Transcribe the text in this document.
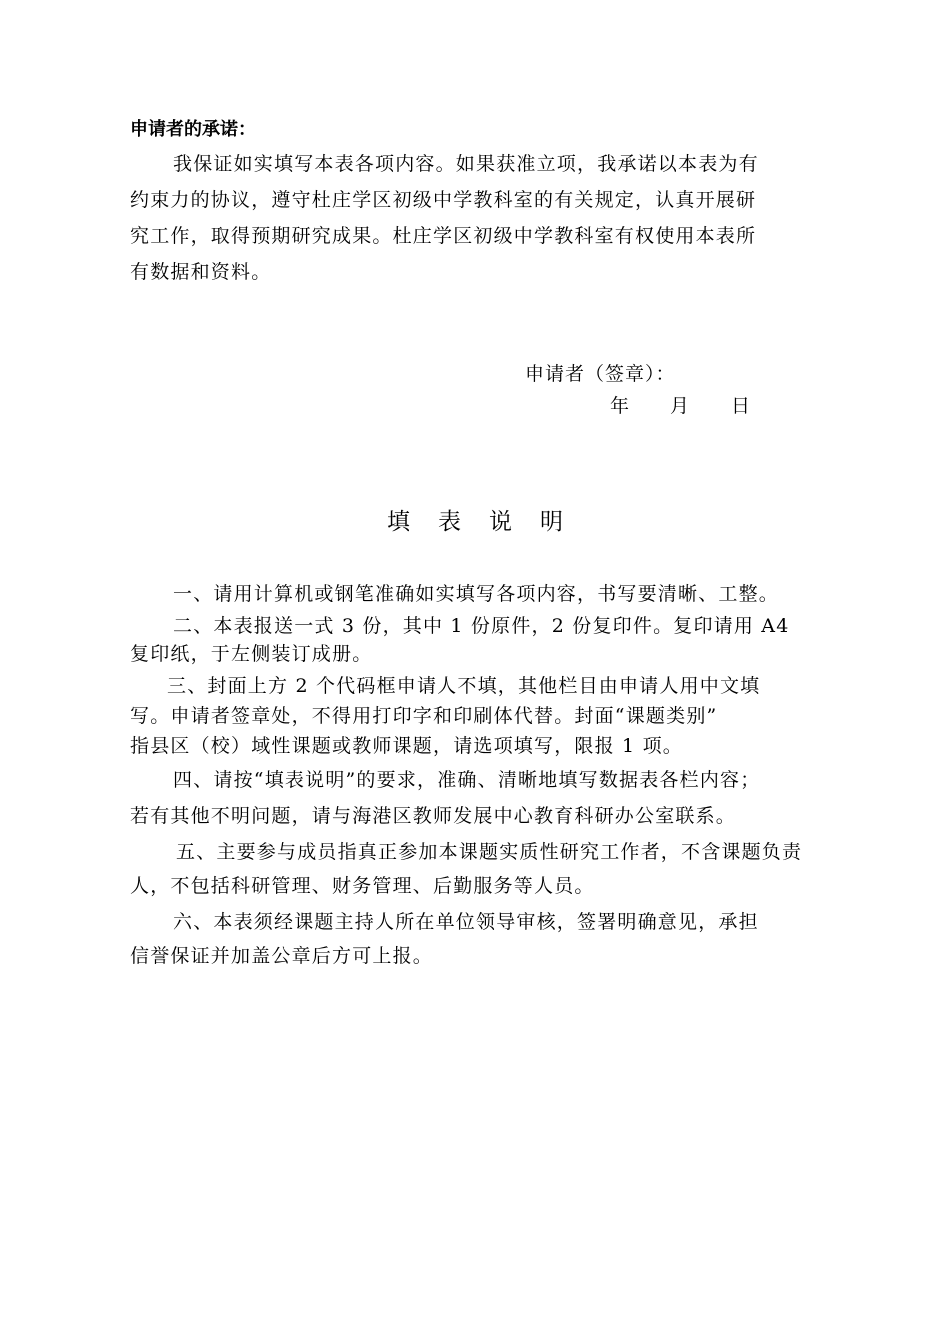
申请者的承诺：
我保证如实填写本表各项内容。如果获准立项，我承诺以本表为有
约束力的协议，遵守杜庄学区初级中学教科室的有关规定，认真开展研
究工作，取得预期研究成果。杜庄学区初级中学教科室有权使用本表所
有数据和资料。
申请者（签章）：
年 月 日
填表说明
一、请用计算机或钢笔准确如实填写各项内容，书写要清晰、工整。
二、本表报送一式 3 份，其中 1 份原件，2 份复印件。复印请用 A4
复印纸，于左侧装订成册。
三、封面上方 2 个代码框申请人不填，其他栏目由申请人用中文填
写。申请者签章处，不得用打印字和印刷体代替。封面“课题类别”
指县区（校）域性课题或教师课题，请选项填写，限报 1 项。
四、请按“填表说明”的要求，准确、清晰地填写数据表各栏内容；
若有其他不明问题，请与海港区教师发展中心教育科研办公室联系。
五、主要参与成员指真正参加本课题实质性研究工作者，不含课题负责
人，不包括科研管理、财务管理、后勤服务等人员。
六、本表须经课题主持人所在单位领导审核，签署明确意见，承担
信誉保证并加盖公章后方可上报。
